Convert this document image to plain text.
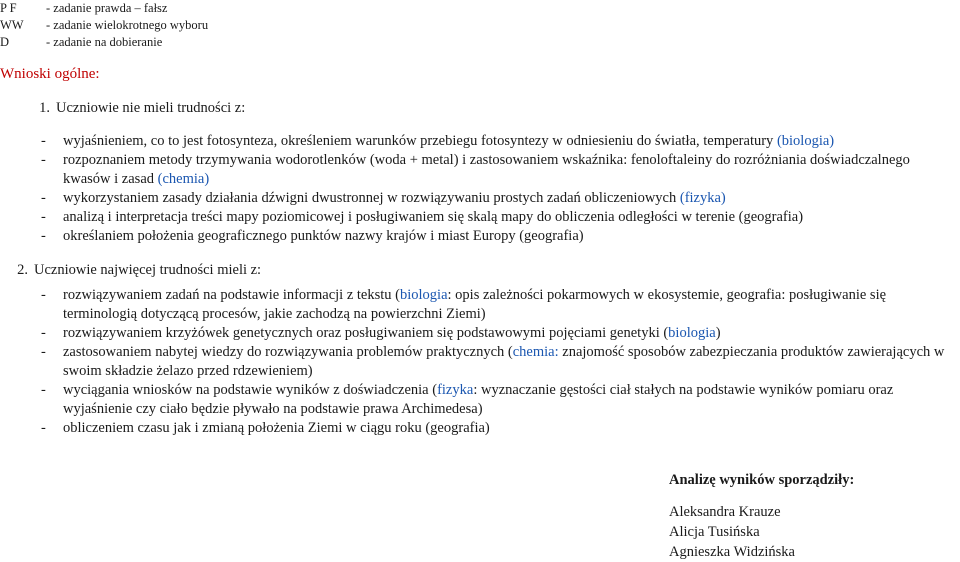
P F	- zadanie prawda – fałsz
WW	- zadanie wielokrotnego wyboru
D	- zadanie na dobieranie
Wnioski ogólne:
1. Uczniowie nie mieli trudności z:
- wyjaśnieniem, co to jest fotosynteza, określeniem warunków przebiegu fotosyntezy w odniesieniu do światła, temperatury (biologia)
- rozpoznaniem metody trzymywania wodorotlenków (woda + metal) i zastosowaniem wskaźnika: fenoloftaleiny do rozróżniania doświadczalnego kwasów i zasad (chemia)
- wykorzystaniem zasady działania dźwigni dwustronnej w rozwiązywaniu prostych zadań obliczeniowych (fizyka)
- analizą i interpretacja treści mapy poziomicowej i posługiwaniem się skalą mapy do obliczenia odległości w terenie (geografia)
- określaniem położenia geograficznego punktów nazwy krajów i miast Europy (geografia)
2. Uczniowie najwięcej trudności mieli z:
- rozwiązywaniem zadań na podstawie informacji z tekstu (biologia: opis zależności pokarmowych w ekosystemie, geografia: posługiwanie się terminologią dotyczącą procesów, jakie zachodzą na powierzchni Ziemi)
- rozwiązywaniem krzyżówek genetycznych oraz posługiwaniem się podstawowymi pojęciami genetyki (biologia)
- zastosowaniem nabytej wiedzy do rozwiązywania problemów praktycznych (chemia: znajomość sposobów zabezpieczania produktów zawierających w swoim składzie żelazo przed rdzewieniem)
- wyciągania wniosków na podstawie wyników z doświadczenia (fizyka: wyznaczanie gęstości ciał stałych na podstawie wyników pomiaru oraz wyjaśnienie czy ciało będzie pływało na podstawie prawa Archimedesa)
- obliczeniem czasu jak i zmianą położenia Ziemi w ciągu roku (geografia)
Analizę wyników sporządziły:
Aleksandra Krauze
Alicja Tusińska
Agnieszka Widzińska
